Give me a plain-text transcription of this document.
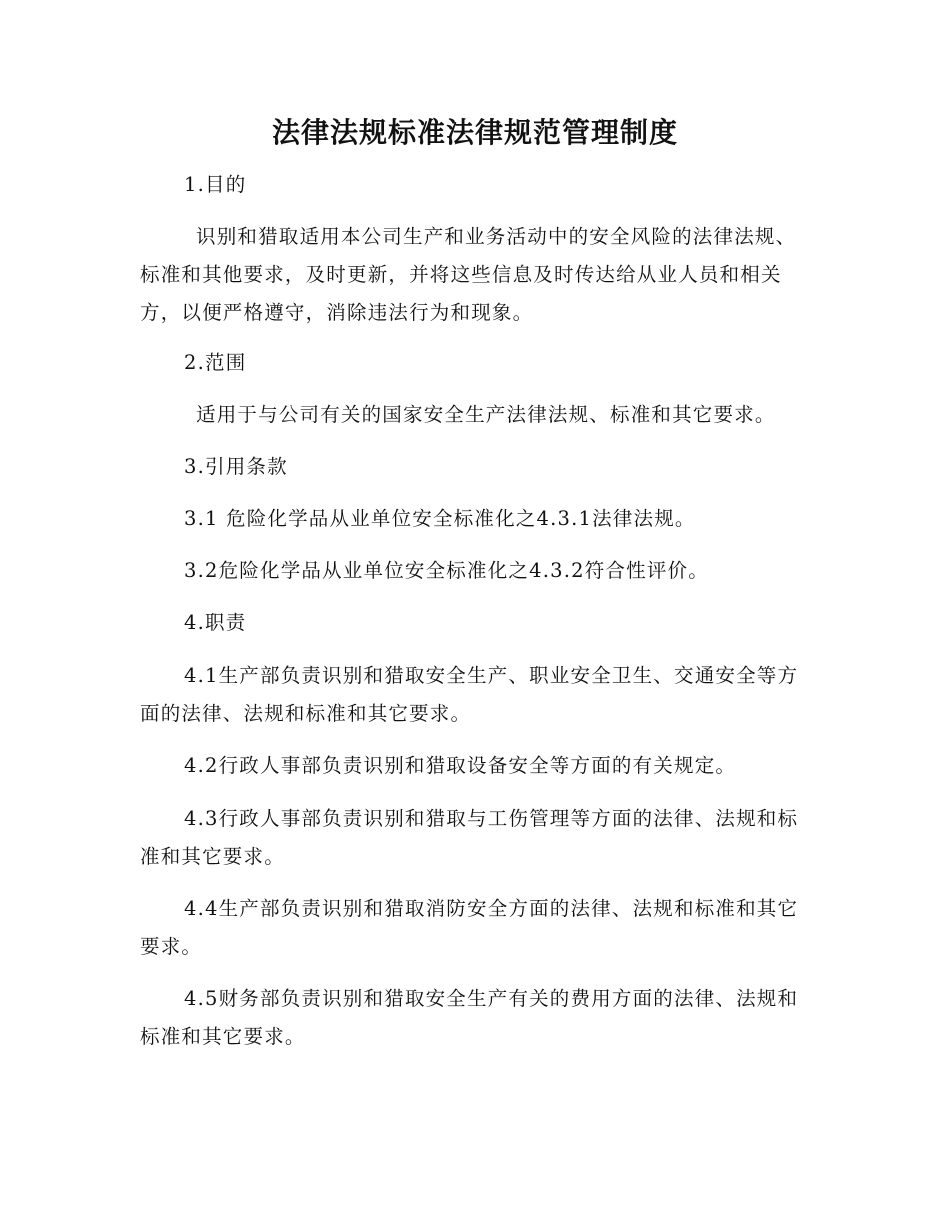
法律法规标准法律规范管理制度

1.目的

识别和猎取适用本公司生产和业务活动中的安全风险的法律法规、标准和其他要求，及时更新，并将这些信息及时传达给从业人员和相关方，以便严格遵守，消除违法行为和现象。

2.范围

适用于与公司有关的国家安全生产法律法规、标准和其它要求。

3.引用条款

3.1 危险化学品从业单位安全标准化之4.3.1法律法规。

3.2危险化学品从业单位安全标准化之4.3.2符合性评价。

4.职责

4.1生产部负责识别和猎取安全生产、职业安全卫生、交通安全等方面的法律、法规和标准和其它要求。

4.2行政人事部负责识别和猎取设备安全等方面的有关规定。

4.3行政人事部负责识别和猎取与工伤管理等方面的法律、法规和标准和其它要求。

4.4生产部负责识别和猎取消防安全方面的法律、法规和标准和其它要求。

4.5财务部负责识别和猎取安全生产有关的费用方面的法律、法规和标准和其它要求。
